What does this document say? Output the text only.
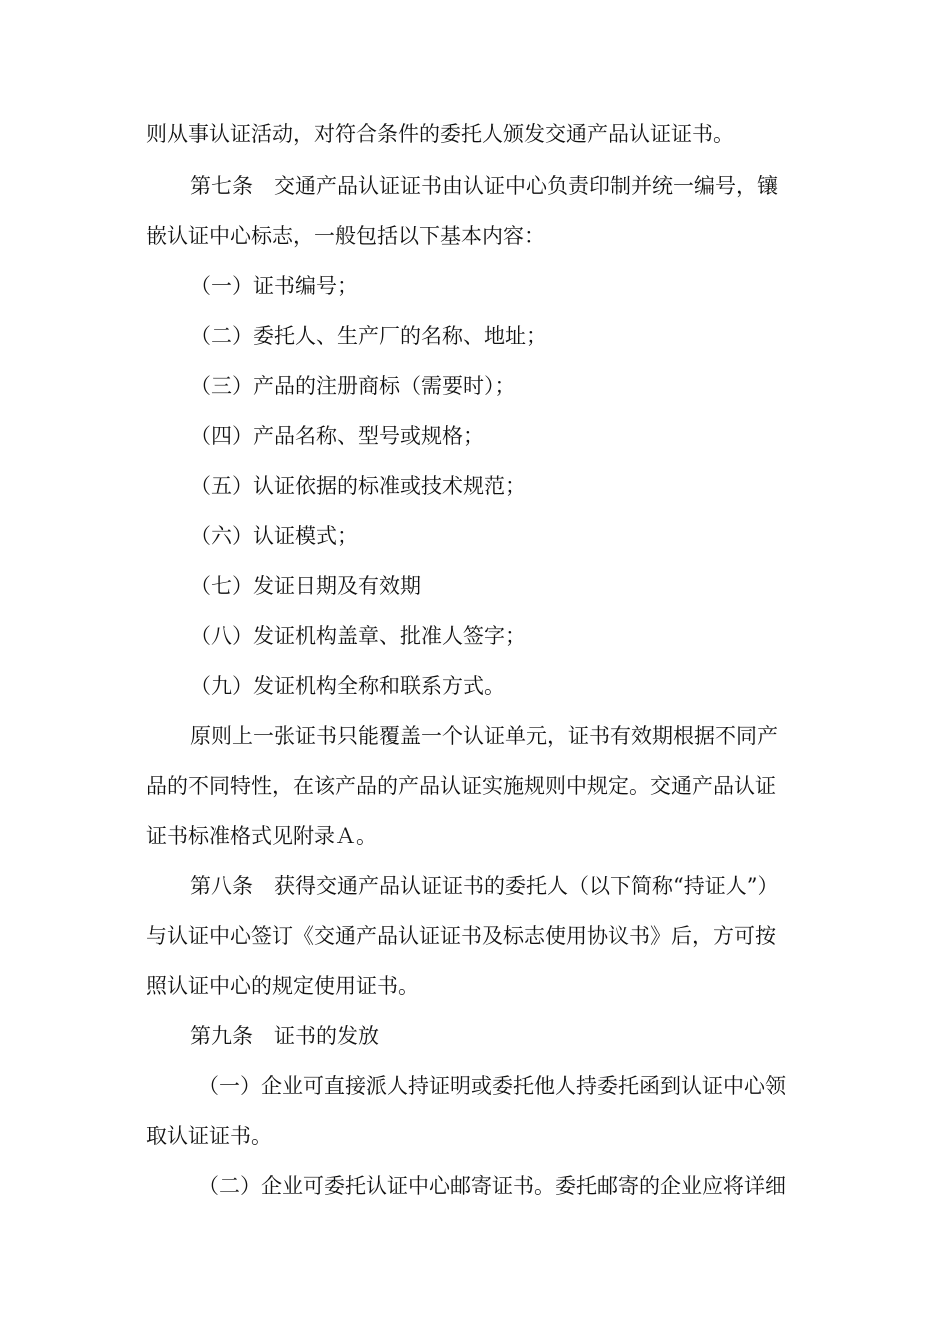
则从事认证活动，对符合条件的委托人颁发交通产品认证证书。
第七条 交通产品认证证书由认证中心负责印制并统一编号，镶
嵌认证中心标志，一般包括以下基本内容：
（一）证书编号；
（二）委托人、生产厂的名称、地址；
（三）产品的注册商标（需要时）；
（四）产品名称、型号或规格；
（五）认证依据的标准或技术规范；
（六）认证模式；
（七）发证日期及有效期
（八）发证机构盖章、批准人签字；
（九）发证机构全称和联系方式。
原则上一张证书只能覆盖一个认证单元，证书有效期根据不同产
品的不同特性，在该产品的产品认证实施规则中规定。交通产品认证
证书标准格式见附录Ａ。
第八条 获得交通产品认证证书的委托人（以下简称“持证人”）
与认证中心签订《交通产品认证证书及标志使用协议书》后，方可按
照认证中心的规定使用证书。
第九条 证书的发放
（一）企业可直接派人持证明或委托他人持委托函到认证中心领
取认证证书。
（二）企业可委托认证中心邮寄证书。委托邮寄的企业应将详细
